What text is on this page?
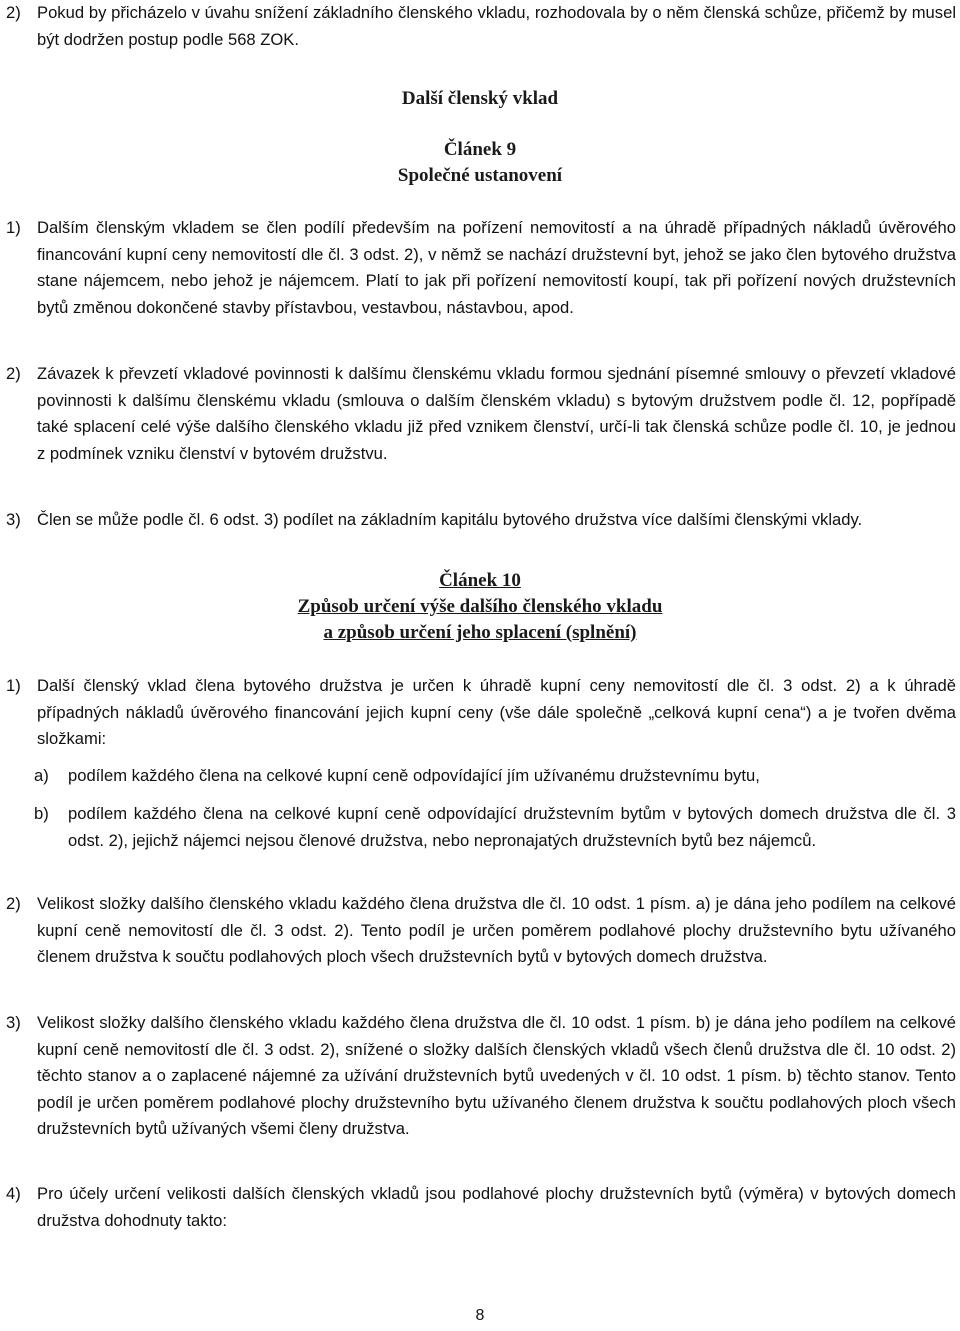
2) Pokud by přicházelo v úvahu snížení základního členského vkladu, rozhodovala by o něm členská schůze, přičemž by musel být dodržen postup podle 568 ZOK.
Další členský vklad
Článek 9
Společné ustanovení
1) Dalším členským vkladem se člen podílí především na pořízení nemovitostí a na úhradě případných nákladů úvěrového financování kupní ceny nemovitostí dle čl. 3 odst. 2), v němž se nachází družstevní byt, jehož se jako člen bytového družstva stane nájemcem, nebo jehož je nájemcem. Platí to jak při pořízení nemovitostí koupí, tak při pořízení nových družstevních bytů změnou dokončené stavby přístavbou, vestavbou, nástavbou, apod.
2) Závazek k převzetí vkladové povinnosti k dalšímu členskému vkladu formou sjednání písemné smlouvy o převzetí vkladové povinnosti k dalšímu členskému vkladu (smlouva o dalším členském vkladu) s bytovým družstvem podle čl. 12, popřípadě také splacení celé výše dalšího členského vkladu již před vznikem členství, určí-li tak členská schůze podle čl. 10, je jednou z podmínek vzniku členství v bytovém družstvu.
3) Člen se může podle čl. 6 odst. 3) podílet na základním kapitálu bytového družstva více dalšími členskými vklady.
Článek 10
Způsob určení výše dalšího členského vkladu
a způsob určení jeho splacení (splnění)
1) Další členský vklad člena bytového družstva je určen k úhradě kupní ceny nemovitostí dle čl. 3 odst. 2) a k úhradě případných nákladů úvěrového financování jejich kupní ceny (vše dále společně „celková kupní cena“) a je tvořen dvěma složkami:
a) podílem každého člena na celkové kupní ceně odpovídající jím užívanému družstevnímu bytu,
b) podílem každého člena na celkové kupní ceně odpovídající družstevním bytům v bytových domech družstva dle čl. 3 odst. 2), jejichž nájemci nejsou členové družstva, nebo nepronajatých družstevních bytů bez nájemců.
2) Velikost složky dalšího členského vkladu každého člena družstva dle čl. 10 odst. 1 písm. a) je dána jeho podílem na celkové kupní ceně nemovitostí dle čl. 3 odst. 2). Tento podíl je určen poměrem podlahové plochy družstevního bytu užívaného členem družstva k součtu podlahových ploch všech družstevních bytů v bytových domech družstva.
3) Velikost složky dalšího členského vkladu každého člena družstva dle čl. 10 odst. 1 písm. b) je dána jeho podílem na celkové kupní ceně nemovitostí dle čl. 3 odst. 2), snížené o složky dalších členských vkladů všech členů družstva dle čl. 10 odst. 2) těchto stanov a o zaplacené nájemné za užívání družstevních bytů uvedených v čl. 10 odst. 1 písm. b) těchto stanov. Tento podíl je určen poměrem podlahové plochy družstevního bytu užívaného členem družstva k součtu podlahových ploch všech družstevních bytů užívaných všemi členy družstva.
4) Pro účely určení velikosti dalších členských vkladů jsou podlahové plochy družstevních bytů (výměra) v bytových domech družstva dohodnuty takto:
8
